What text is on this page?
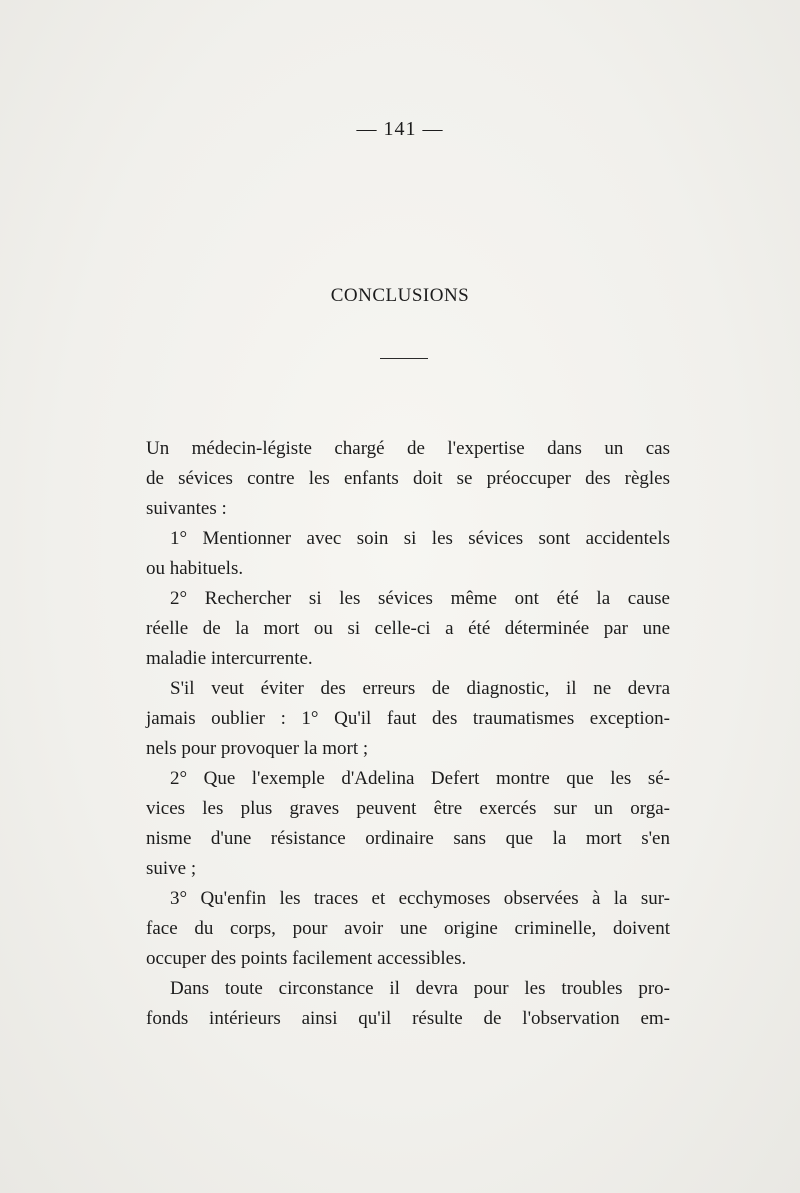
— 141 —
CONCLUSIONS
Un médecin-légiste chargé de l'expertise dans un cas
de sévices contre les enfants doit se préoccuper des règles
suivantes :
1° Mentionner avec soin si les sévices sont accidentels
ou habituels.
2° Rechercher si les sévices même ont été la cause
réelle de la mort ou si celle-ci a été déterminée par une
maladie intercurrente.
S'il veut éviter des erreurs de diagnostic, il ne devra
jamais oublier : 1° Qu'il faut des traumatismes exception-
nels pour provoquer la mort ;
2° Que l'exemple d'Adelina Defert montre que les sé-
vices les plus graves peuvent être exercés sur un orga-
nisme d'une résistance ordinaire sans que la mort s'en
suive ;
3° Qu'enfin les traces et ecchymoses observées à la sur-
face du corps, pour avoir une origine criminelle, doivent
occuper des points facilement accessibles.
Dans toute circonstance il devra pour les troubles pro-
fonds intérieurs ainsi qu'il résulte de l'observation em-
